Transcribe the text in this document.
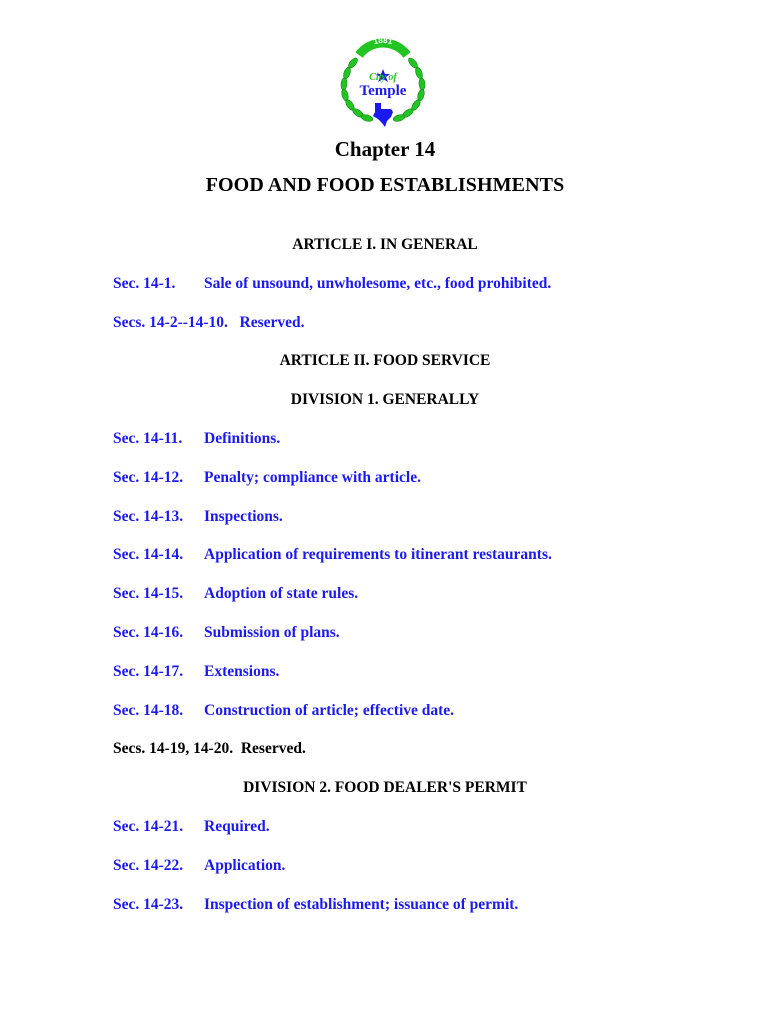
1881
City of
Temple
Chapter 14
FOOD AND FOOD ESTABLISHMENTS
ARTICLE I. IN GENERAL
Sec. 14-1. Sale of unsound, unwholesome, etc., food prohibited.
Secs. 14-2--14-10.   Reserved.
ARTICLE II. FOOD SERVICE
DIVISION 1. GENERALLY
Sec. 14-11. Definitions.
Sec. 14-12. Penalty; compliance with article.
Sec. 14-13. Inspections.
Sec. 14-14. Application of requirements to itinerant restaurants.
Sec. 14-15. Adoption of state rules.
Sec. 14-16. Submission of plans.
Sec. 14-17. Extensions.
Sec. 14-18. Construction of article; effective date.
Secs. 14-19, 14-20.  Reserved.
DIVISION 2. FOOD DEALER'S PERMIT
Sec. 14-21. Required.
Sec. 14-22. Application.
Sec. 14-23. Inspection of establishment; issuance of permit.
